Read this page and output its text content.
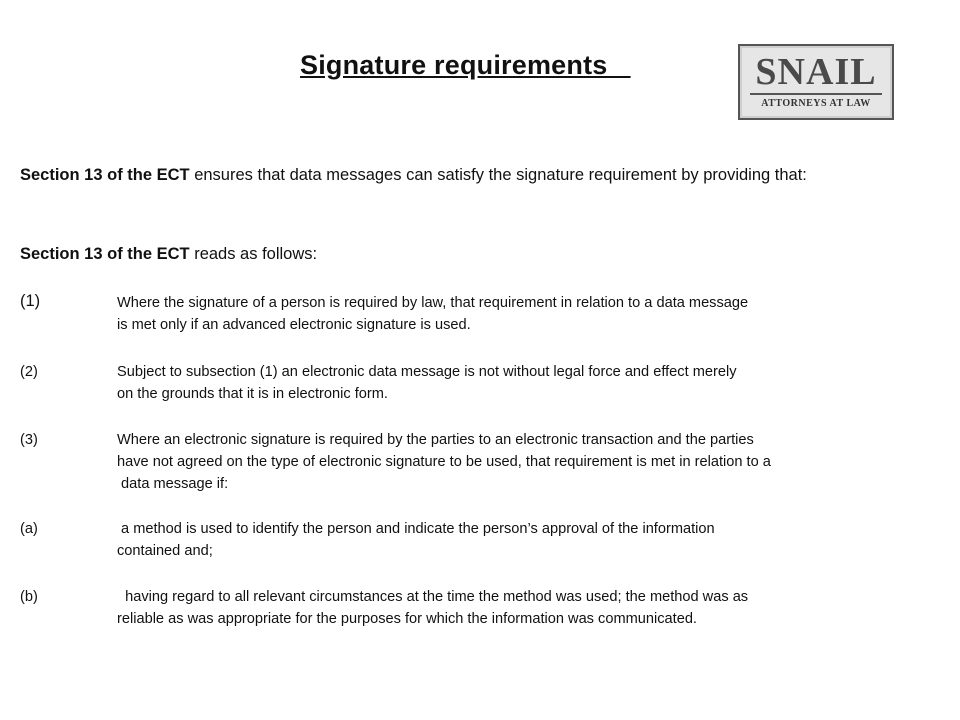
Signature requirements	SNAIL
ATTORNEYS AT LAW
Section 13 of the ECT ensures that data messages can satisfy the signature requirement by providing that:
Section 13 of the ECT reads as follows:
(1)	Where the signature of a person is required by law, that requirement in relation to a data message
is met only if an advanced electronic signature is used.
(2)	Subject to subsection (1) an electronic data message is not without legal force and effect merely
on the grounds that it is in electronic form.
(3)	Where an electronic signature is required by the parties to an electronic transaction and the parties
have not agreed on the type of electronic signature to be used, that requirement is met in relation to a
data message if:
(a)	a method is used to identify the person and indicate the person’s approval of the information
contained and;
(b)	having regard to all relevant circumstances at the time the method was used; the method was as
reliable as was appropriate for the purposes for which the information was communicated.
